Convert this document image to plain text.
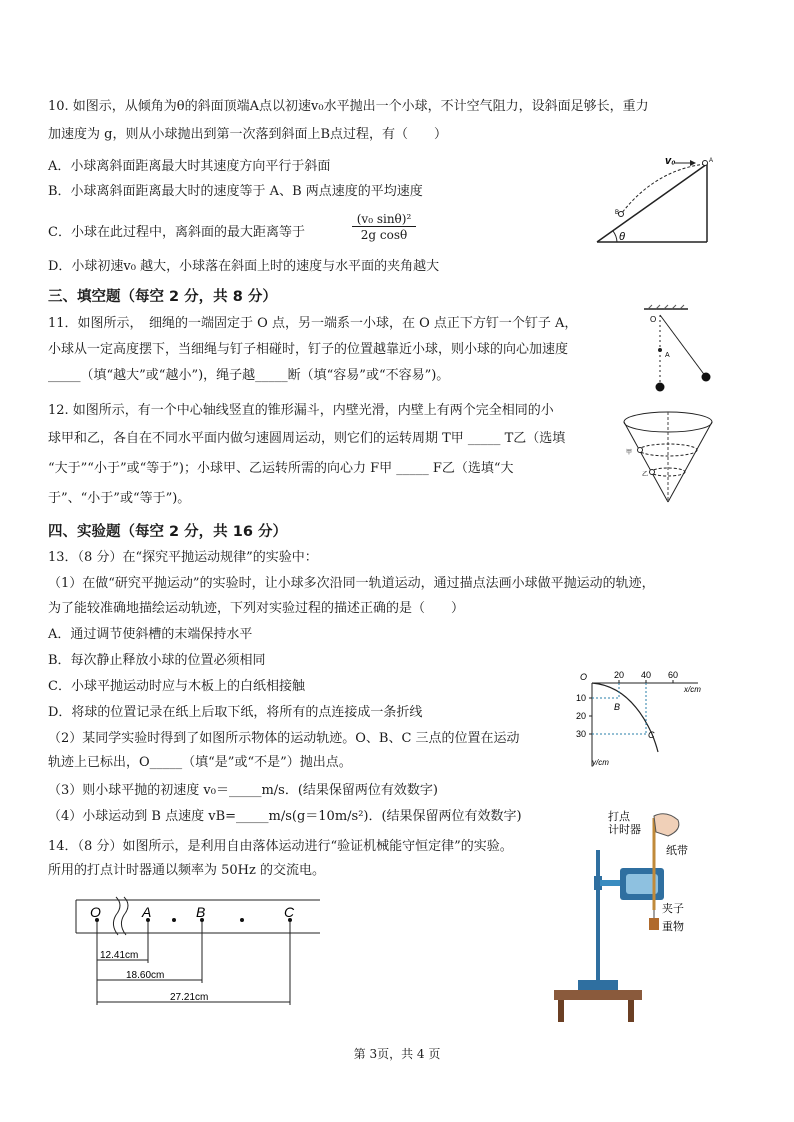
10. 如图示，从倾角为θ的斜面顶端A点以初速v₀水平抛出一个小球，不计空气阻力，设斜面足够长，重力
加速度为 g，则从小球抛出到第一次落到斜面上B点过程，有（　　）
A．小球离斜面距离最大时其速度方向平行于斜面
B．小球离斜面距离最大时的速度等于 A、B 两点速度的平均速度
C．小球在此过程中，离斜面的最大距离等于
(v₀ sinθ)²
2g cosθ
D．小球初速v₀ 越大，小球落在斜面上时的速度与水平面的夹角越大
v₀	A
B
θ
三、填空题（每空 2 分，共 8 分）
11．如图所示，　细绳的一端固定于 O 点，另一端系一小球，在 O 点正下方钉一个钉子 A，
小球从一定高度摆下，当细绳与钉子相碰时，钉子的位置越靠近小球，则小球的向心加速度
_____（填“越大”或“越小”)，绳子越_____断（填“容易”或“不容易”)。
O
A
12. 如图所示，有一个中心轴线竖直的锥形漏斗，内壁光滑，内壁上有两个完全相同的小
球甲和乙，各自在不同水平面内做匀速圆周运动，则它们的运转周期 T甲 _____ T乙（选填
“大于”“小于”或“等于”)；小球甲、乙运转所需的向心力 F甲 _____ F乙（选填“大
于”、“小于”或“等于”)。
甲
乙
四、实验题（每空 2 分，共 16 分）
13．（8 分）在“探究平抛运动规律”的实验中：
（1）在做“研究平抛运动”的实验时，让小球多次沿同一轨道运动，通过描点法画小球做平抛运动的轨迹，
为了能较准确地描绘运动轨迹，下列对实验过程的描述正确的是（　　）
A．通过调节使斜槽的末端保持水平
B．每次静止释放小球的位置必须相同
C．小球平抛运动时应与木板上的白纸相接触
D．将球的位置记录在纸上后取下纸，将所有的点连接成一条折线
（2）某同学实验时得到了如图所示物体的运动轨迹。O、B、C 三点的位置在运动
轨迹上已标出，O_____（填“是”或“不是”）抛出点。
（3）则小球平抛的初速度 v₀＝_____m/s．(结果保留两位有效数字)
（4）小球运动到 B 点速度 vB=_____m/s(g＝10m/s²)．(结果保留两位有效数字)
O	20 40 60
x/cm
10
20
30
y/cm
B
C
14．（8 分）如图所示，是利用自由落体运动进行“验证机械能守恒定律”的实验。
所用的打点计时器通以频率为 50Hz 的交流电。
O	A	B	C
12.41cm
18.60cm
27.21cm
打点
计时器
纸带
夹子
重物
第 3页，共 4 页
